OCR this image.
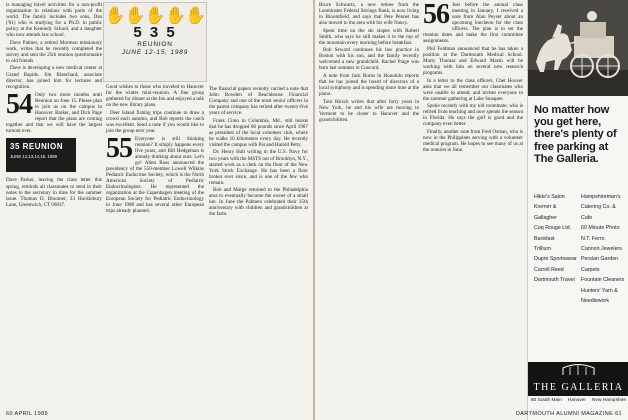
is managing travel activities for a non-profit organization in relations with parts of the world. The family includes two sons, Dan ('81) who is studying for a Ph.D. in public policy at the Kennedy School, and a daughter who now attends law school.

Dave Palmer, a retired Mormon missionary work, writes that he recently completed the survey and sent the 25th reunion questionnaire to old friends.

Dave is developing a new medical center at Grand Rapids. Jim Blanchard, associate director, has joined him for lectures and recognition.

54 Only two more months until Reunion on June 15. Please plan to join us on the campus in Hanover. Barker, and Dick Page report that the plans are coming together and that we will have the largest turnout ever.

35 REUNION
JUNE 12,13,14,15, 1989

Dave Parker, leaving the class letter this spring, reminds all classmates to send in their notes to the secretary in time for the summer issue. Thomas D. Bloomer, 33 Hocklebury Lane, Greenwich, CT 06837.

Good wishes to those who traveled to Hanover for the winter mini-reunion. A fine group gathered for dinner at the Inn and enjoyed a talk on the new library plans.

Deer Island fishing trips continue to draw a crowd each autumn, and Bob reports the catch was excellent. Send a note if you would like to join the group next year.

55 Everyone is still thinking reunion? It simply happens every five years, and Bill Hedgeman is already thinking about ours. Let's go! Allen Ross announced the presidency of the 550-member Lowell Wilkins Pediatric Endocrine Society, which is the North American Society of Pediatric Endocrinologists. He represented the organization at the Copenhagen meeting of the European Society for Pediatric Endocrinology in June 1988 and has several other European trips already planned.

✋✋✋✋✋
5 3 5
REUNION
JUNE 12-15, 1989

The financial papers recently carried a note that John Bowden of Beachhouse Financial Company and one of the most senior officers in the parent company has retired after twenty-five years of service.

Frank Cimo in Columbia, Md., still insists that he has dropped 80 pounds since April 1987 as president of the local volunteer club, where he walks 10 kilometers every day. He recently visited the campus with Pat and Harold Petty.

Dr. Henry Hall writing in the U.S. Navy for two years with the MSTS out of Brooklyn, N.Y., started work as a clerk on the floor of the New York Stock Exchange. He has been a floor broker ever since, and is one of the few who remain.

Bob and Marge returned to the Philadelphia area to eventually become the owner of a small inn. In June the Palmers celebrated their 35th anniversary with children and grandchildren at the farm.

60 APRIL 1989

Bruce Schwartz, a new retiree from the Leominster Federal Savings Bank, is now living in Bloomfield, and says that Pete Penner has also moved to the area with his wife Nancy.

Spent time on the ski slopes with Robert Smith, who says he still makes it to the top of the mountain every morning before breakfast.

Bob Seward continues his law practice in Boston with his son, and the family recently welcomed a new grandchild. Rachel Paige was born last summer in Concord.

A note from Jack Burns in Honolulu reports that he has joined the board of directors of a local symphony and is spending more time at the piano.

Tom Hirsch writes that after forty years in New York, he and his wife are moving to Vermont to be closer to Hanover and the grandchildren.

56 Just before the annual class meeting in January, I received a note from Alan Peyser about an upcoming luncheon for the class officers. The plan is to set the reunion dates and make the first committee assignments.

Phil Feldman announced that he has taken a position at the Dartmouth Medical School. Marty Thomas and Edward Marsh will be working with him on several new research programs.

In a letter to the class officers, Chet Hoover asks that we all remember our classmates who were unable to attend, and invites everyone to the summer gathering at Lake Sunapee.

Spoke recently with my old roommate, who is retired from teaching and now spends the season in Florida. He says the golf is good and the company even better.

Finally, another note from Fred Osman, who is now in the Philippines serving with a volunteer medical program. He hopes to see many of us at the reunion in June.

No matter how you get here, there's plenty of free parking at The Galleria.
Hilde's Salon
Kremer & Gallagher
Coq Rouge Ltd.
Bankfast
Trillium
Dupre Sportswear
Carroll Reed
Dartmouth Travel
Hampshireman's Catering Co. & Cafe
60 Minute Photo
N.T. Ferro
Cannon Jewelers
Persian Garden Carpets
Fountain Cleaners
Hunters' Yarn & Needlework
THE GALLERIA
80 South Main Hanover New Hampshire
DARTMOUTH ALUMNI MAGAZINE 61
